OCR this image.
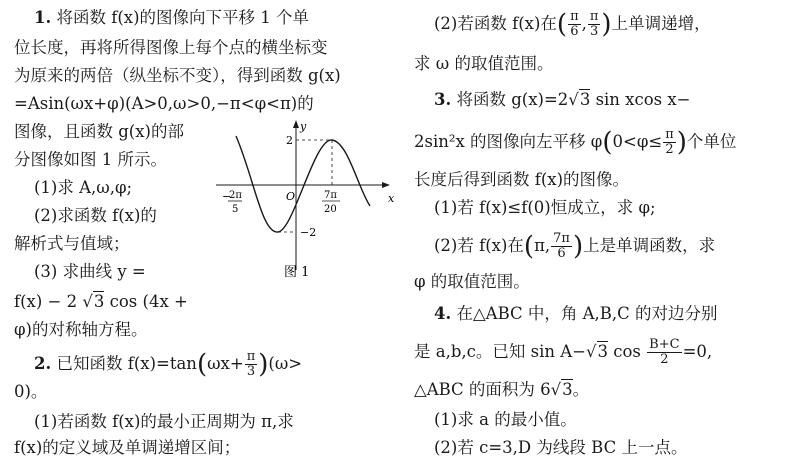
1. 将函数 f(x)的图像向下平移 1 个单
位长度，再将所得图像上每个点的横坐标变
为原来的两倍（纵坐标不变），得到函数 g(x)
=Asin(ωx+φ)(A>0,ω>0,−π<φ<π)的
图像，且函数 g(x)的部
分图像如图 1 所示。
(1)求 A,ω,φ;
(2)求函数 f(x)的
解析式与值域；
(3) 求曲线 y =
f(x) − 2 √3 cos (4x +
φ)的对称轴方程。
y
x
O
2
−2
−
2π
5
7π
20
图 1
2. 已知函数 $f(x)=\tan(\omega x+ \frac{\pi}{3} )(\omega>$
0)。
(1)若函数 f(x)的最小正周期为 π,求
f(x)的定义域及单调递增区间；
(2)若函数 f(x)在( $\frac{\pi}{6}$ , $\frac{\pi}{3}$ )上单调递增，
求 ω 的取值范围。
3. 将函数 g(x)=2√3 sin xcos x−
2sin²x 的图像向左平移 $\varphi(0<\varphi\le \frac{\pi}{2}$ )个单位
长度后得到函数 f(x)的图像。
(1)若 f(x)≤f(0)恒成立，求 φ;
(2)若 f(x)在(π, $\frac{7\pi}{6}$ )上是单调函数，求
φ 的取值范围。
4. 在△ABC 中，角 A,B,C 的对边分别
是 a,b,c。已知 sin A−√3 $\cos \frac{B+C}{2} =0$,
△ABC 的面积为 6√3。
(1)求 a 的最小值。
(2)若 c=3,D 为线段 BC 上一点。
